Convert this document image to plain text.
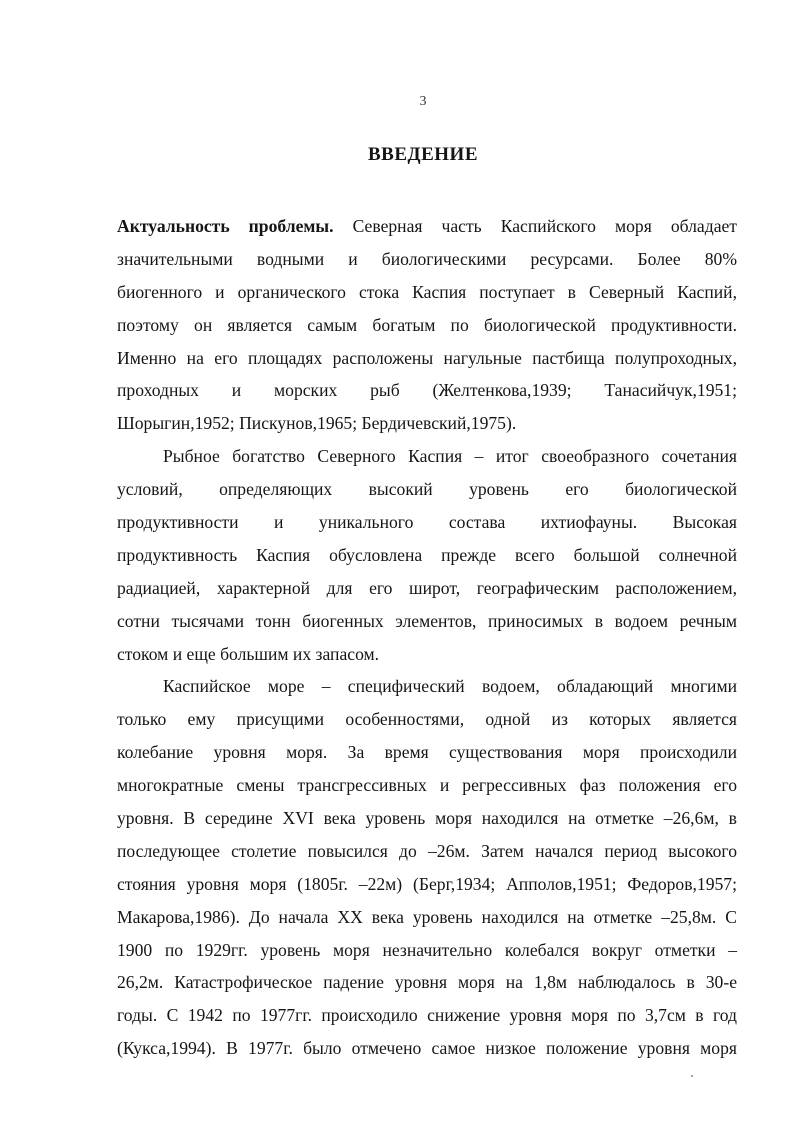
3
ВВЕДЕНИЕ
Актуальность проблемы. Северная часть Каспийского моря обладает
значительными водными и биологическими ресурсами. Более 80%
биогенного и органического стока Каспия поступает в Северный Каспий,
поэтому он является самым богатым по биологической продуктивности.
Именно на его площадях расположены нагульные пастбища полупроходных,
проходных и морских рыб (Желтенкова,1939; Танасийчук,1951;
Шорыгин,1952; Пискунов,1965; Бердичевский,1975).
Рыбное богатство Северного Каспия – итог своеобразного сочетания
условий, определяющих высокий уровень его биологической
продуктивности и уникального состава ихтиофауны. Высокая
продуктивность Каспия обусловлена прежде всего большой солнечной
радиацией, характерной для его широт, географическим расположением,
сотни тысячами тонн биогенных элементов, приносимых в водоем речным
стоком и еще большим их запасом.
Каспийское море – специфический водоем, обладающий многими
только ему присущими особенностями, одной из которых является
колебание уровня моря. За время существования моря происходили
многократные смены трансгрессивных и регрессивных фаз положения его
уровня. В середине XVI века уровень моря находился на отметке –26,6м, в
последующее столетие повысился до –26м. Затем начался период высокого
стояния уровня моря (1805г. –22м) (Берг,1934; Апполов,1951; Федоров,1957;
Макарова,1986). До начала XX века уровень находился на отметке –25,8м. С
1900 по 1929гг. уровень моря незначительно колебался вокруг отметки –
26,2м. Катастрофическое падение уровня моря на 1,8м наблюдалось в 30-е
годы. С 1942 по 1977гг. происходило снижение уровня моря по 3,7см в год
(Кукса,1994). В 1977г. было отмечено самое низкое положение уровня моря
